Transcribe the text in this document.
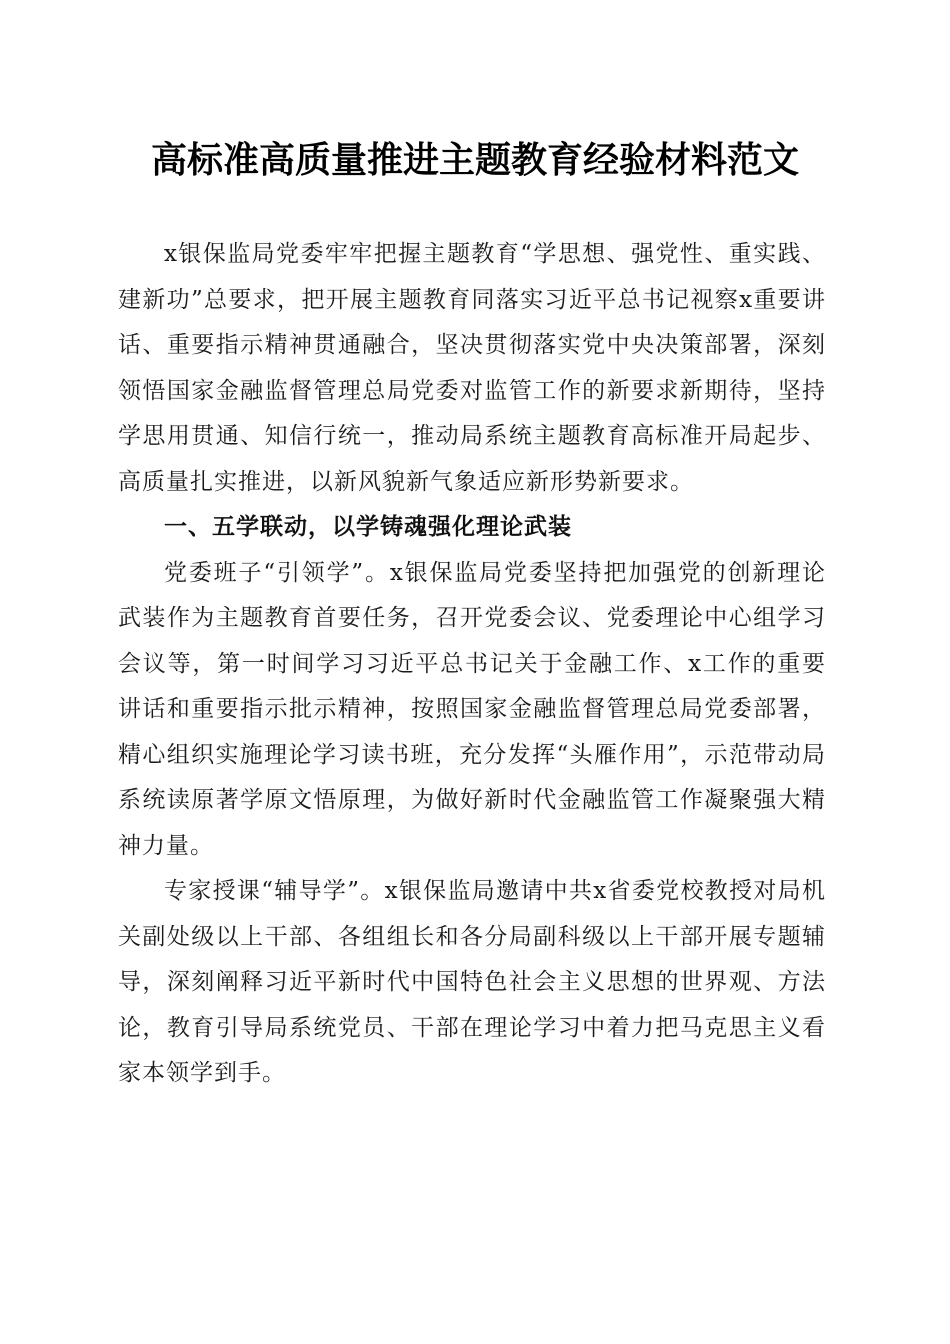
高标准高质量推进主题教育经验材料范文

x银保监局党委牢牢把握主题教育“学思想、强党性、重实践、建新功”总要求，把开展主题教育同落实习近平总书记视察x重要讲话、重要指示精神贯通融合，坚决贯彻落实党中央决策部署，深刻领悟国家金融监督管理总局党委对监管工作的新要求新期待，坚持学思用贯通、知信行统一，推动局系统主题教育高标准开局起步、高质量扎实推进，以新风貌新气象适应新形势新要求。

一、五学联动，以学铸魂强化理论武装

党委班子“引领学”。x银保监局党委坚持把加强党的创新理论武装作为主题教育首要任务，召开党委会议、党委理论中心组学习会议等，第一时间学习习近平总书记关于金融工作、x工作的重要讲话和重要指示批示精神，按照国家金融监督管理总局党委部署，精心组织实施理论学习读书班，充分发挥“头雁作用”，示范带动局系统读原著学原文悟原理，为做好新时代金融监管工作凝聚强大精神力量。

专家授课“辅导学”。x银保监局邀请中共x省委党校教授对局机关副处级以上干部、各组组长和各分局副科级以上干部开展专题辅导，深刻阐释习近平新时代中国特色社会主义思想的世界观、方法论，教育引导局系统党员、干部在理论学习中着力把马克思主义看家本领学到手。
